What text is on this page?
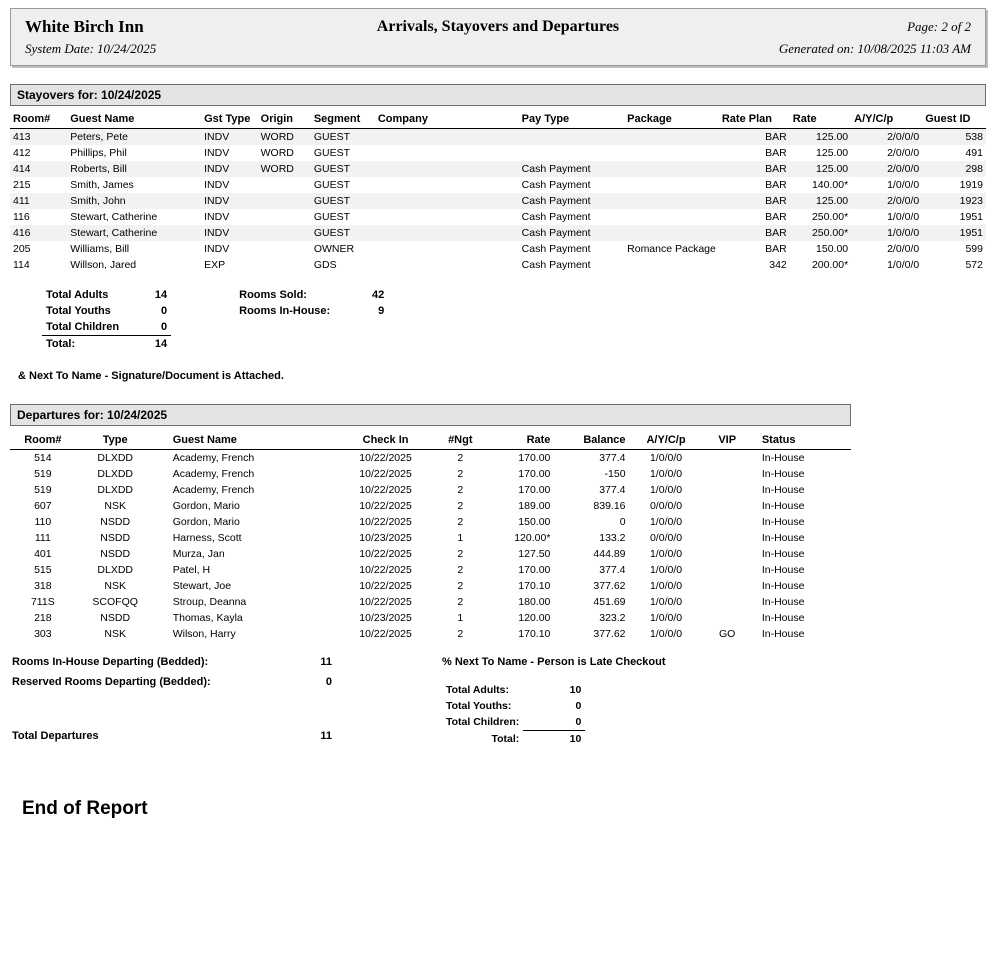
White Birch Inn	Arrivals, Stayovers and Departures	Page: 2 of 2
System Date: 10/24/2025	Generated on: 10/08/2025 11:03 AM
Stayovers for: 10/24/2025
Room#	Guest Name	Gst Type	Origin	Segment	Company	Pay Type	Package	Rate Plan	Rate	A/Y/C/p	Guest ID
413	Peters, Pete	INDV	WORD	GUEST				BAR	125.00	2/0/0/0	538
412	Phillips, Phil	INDV	WORD	GUEST				BAR	125.00	2/0/0/0	491
414	Roberts, Bill	INDV	WORD	GUEST		Cash Payment		BAR	125.00	2/0/0/0	298
215	Smith, James	INDV		GUEST		Cash Payment		BAR	140.00*	1/0/0/0	1919
411	Smith, John	INDV		GUEST		Cash Payment		BAR	125.00	2/0/0/0	1923
116	Stewart, Catherine	INDV		GUEST		Cash Payment		BAR	250.00*	1/0/0/0	1951
416	Stewart, Catherine	INDV		GUEST		Cash Payment		BAR	250.00*	1/0/0/0	1951
205	Williams, Bill	INDV		OWNER		Cash Payment	Romance Package	BAR	150.00	2/0/0/0	599
114	Willson, Jared	EXP		GDS		Cash Payment		342	200.00*	1/0/0/0	572
Total Adults	14		Rooms Sold:	42
Total Youths	0		Rooms In-House:	9
Total Children	0			
Total:	14			
& Next To Name - Signature/Document is Attached.
Departures for: 10/24/2025
Room#	Type	Guest Name	Check In	#Ngt	Rate	Balance	A/Y/C/p	VIP	Status
514	DLXDD	Academy, French	10/22/2025	2	170.00	377.4	1/0/0/0		In-House
519	DLXDD	Academy, French	10/22/2025	2	170.00	-150	1/0/0/0		In-House
519	DLXDD	Academy, French	10/22/2025	2	170.00	377.4	1/0/0/0		In-House
607	NSK	Gordon, Mario	10/22/2025	2	189.00	839.16	0/0/0/0		In-House
110	NSDD	Gordon, Mario	10/22/2025	2	150.00	0	1/0/0/0		In-House
111	NSDD	Harness, Scott	10/23/2025	1	120.00*	133.2	0/0/0/0		In-House
401	NSDD	Murza, Jan	10/22/2025	2	127.50	444.89	1/0/0/0		In-House
515	DLXDD	Patel, H	10/22/2025	2	170.00	377.4	1/0/0/0		In-House
318	NSK	Stewart, Joe	10/22/2025	2	170.10	377.62	1/0/0/0		In-House
711S	SCOFQQ	Stroup, Deanna	10/22/2025	2	180.00	451.69	1/0/0/0		In-House
218	NSDD	Thomas, Kayla	10/23/2025	1	120.00	323.2	1/0/0/0		In-House
303	NSK	Wilson, Harry	10/22/2025	2	170.10	377.62	1/0/0/0	GO	In-House
Rooms In-House Departing (Bedded):	11
Reserved Rooms Departing (Bedded):	0
Total Departures	11
% Next To Name - Person is Late Checkout
Total Adults:	10
Total Youths:	0
Total Children:	0
Total:	10
End of Report
